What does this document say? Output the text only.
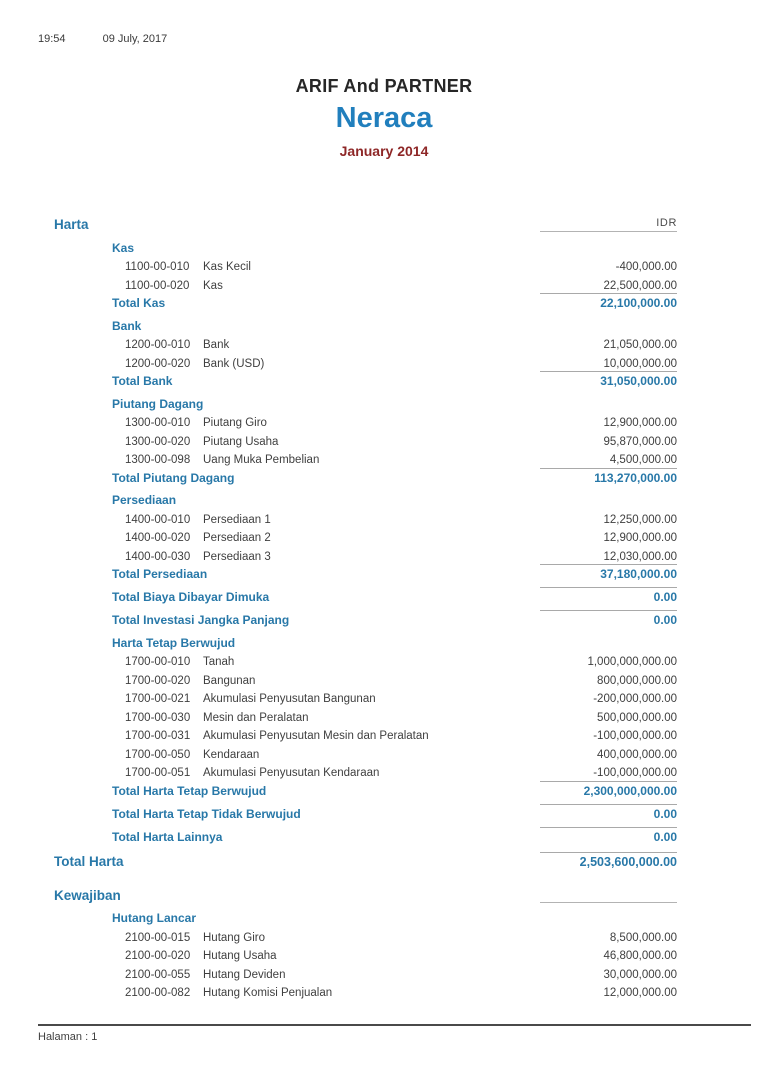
19:54	09 July, 2017
ARIF And PARTNER
Neraca
January 2014
Harta	IDR
Kas
1100-00-010	Kas Kecil	-400,000.00
1100-00-020	Kas	22,500,000.00
Total Kas	22,100,000.00
Bank
1200-00-010	Bank	21,050,000.00
1200-00-020	Bank (USD)	10,000,000.00
Total Bank	31,050,000.00
Piutang Dagang
1300-00-010	Piutang Giro	12,900,000.00
1300-00-020	Piutang Usaha	95,870,000.00
1300-00-098	Uang Muka Pembelian	4,500,000.00
Total Piutang Dagang	113,270,000.00
Persediaan
1400-00-010	Persediaan 1	12,250,000.00
1400-00-020	Persediaan 2	12,900,000.00
1400-00-030	Persediaan 3	12,030,000.00
Total Persediaan	37,180,000.00
Total Biaya Dibayar Dimuka	0.00
Total Investasi Jangka Panjang	0.00
Harta Tetap Berwujud
1700-00-010	Tanah	1,000,000,000.00
1700-00-020	Bangunan	800,000,000.00
1700-00-021	Akumulasi Penyusutan Bangunan	-200,000,000.00
1700-00-030	Mesin dan Peralatan	500,000,000.00
1700-00-031	Akumulasi Penyusutan Mesin dan Peralatan	-100,000,000.00
1700-00-050	Kendaraan	400,000,000.00
1700-00-051	Akumulasi Penyusutan Kendaraan	-100,000,000.00
Total Harta Tetap Berwujud	2,300,000,000.00
Total Harta Tetap Tidak Berwujud	0.00
Total Harta Lainnya	0.00
Total Harta	2,503,600,000.00
Kewajiban
Hutang Lancar
2100-00-015	Hutang Giro	8,500,000.00
2100-00-020	Hutang Usaha	46,800,000.00
2100-00-055	Hutang Deviden	30,000,000.00
2100-00-082	Hutang Komisi Penjualan	12,000,000.00
Halaman : 1
